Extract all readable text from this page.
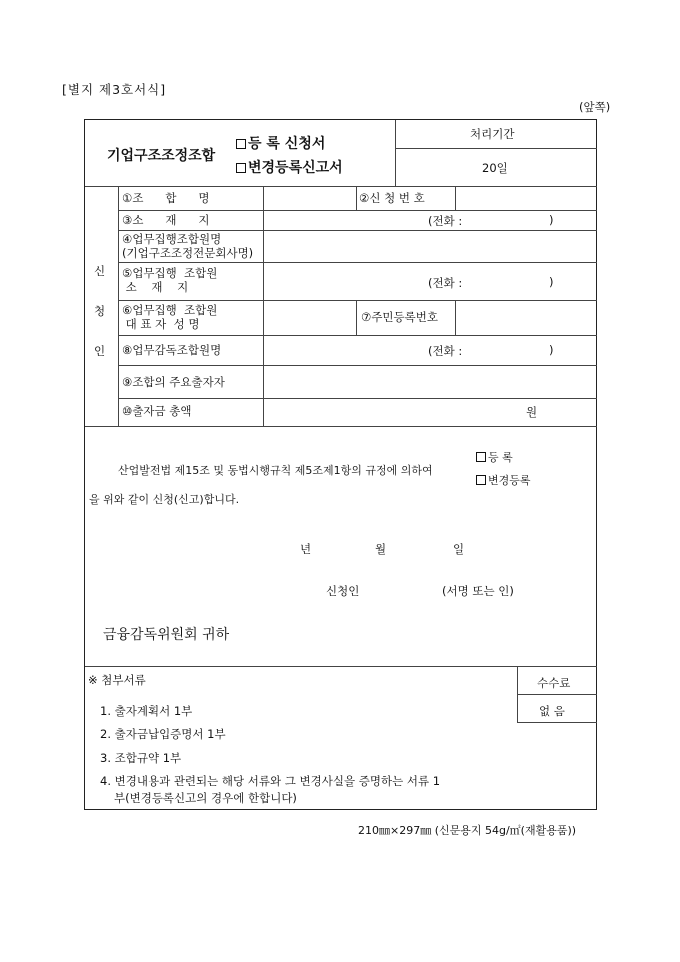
[별지 제3호서식]
(앞쪽)
기업구조조정조합
등 록 신청서
변경등록신고서
처리기간
20일
신
청
인
①조      합      명	②신 청 번 호
③소      재      지	(전화 :	)
④업무집행조합원명
(기업구조조정전문회사명)
⑤업무집행  조합원
소    재    지	(전화 :	)
⑥업무집행  조합원
대 표 자  성 명	⑦주민등록번호
⑧업무감독조합원명	(전화 :	)
⑨조합의 주요출자자
⑩출자금 총액	원
산업발전법 제15조 및 동법시행규칙 제5조제1항의 규정에 의하여
등 록
변경등록
을 위와 같이 신청(신고)합니다.
년	월	일
신청인	(서명 또는 인)
금융감독위원회 귀하
※ 첨부서류	수수료
없 음
1. 출자계획서 1부
2. 출자금납입증명서 1부
3. 조합규약 1부
4. 변경내용과 관련되는 해당 서류와 그 변경사실을 증명하는 서류 1
부(변경등록신고의 경우에 한합니다)
210㎜×297㎜ (신문용지 54g/㎡(재활용품))
